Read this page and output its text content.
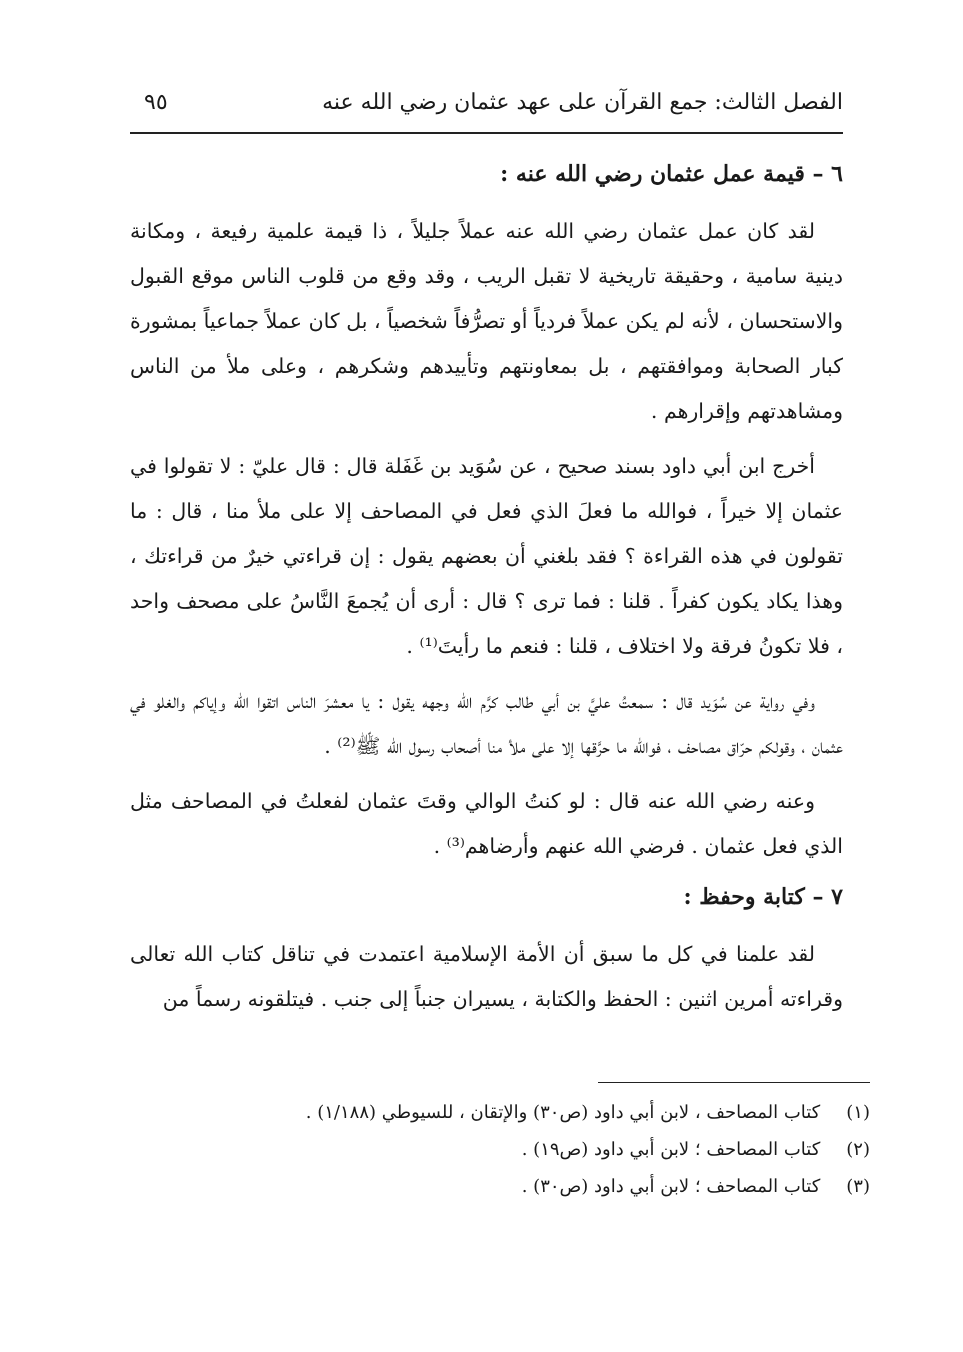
الفصل الثالث: جمع القرآن على عهد عثمان رضي الله عنه
٩٥

٦ – قيمة عمل عثمان رضي الله عنه :

لقد كان عمل عثمان رضي الله عنه عملاً جليلاً ، ذا قيمة علمية رفيعة ، ومكانة دينية سامية ، وحقيقة تاريخية لا تقبل الريب ، وقد وقع من قلوب الناس موقع القبول والاستحسان ، لأنه لم يكن عملاً فردياً أو تصرُّفاً شخصياً ، بل كان عملاً جماعياً بمشورة كبار الصحابة وموافقتهم ، بل بمعاونتهم وتأييدهم وشكرهم ، وعلى ملأ من الناس ومشاهدتهم وإقرارهم .

أخرج ابن أبي داود بسند صحيح ، عن سُوَيد بن غَفَلة قال : قال عليّ : لا تقولوا في عثمان إلا خيراً ، فوالله ما فعلَ الذي فعل في المصاحف إلا على ملأ منا ، قال : ما تقولون في هذه القراءة ؟ فقد بلغني أن بعضهم يقول : إن قراءتي خيرٌ من قراءتك ، وهذا يكاد يكون كفراً . قلنا : فما ترى ؟ قال : أرى أن يُجمعَ النَّاسُ على مصحف واحد ، فلا تكونُ فرقة ولا اختلاف ، قلنا : فنعم ما رأيتَ⁽¹⁾ .

وفي رواية عن سُوَيد قال : سمعتُ عليَّ بن أبي طالب كرَّم الله وجهه يقول : يا معشرَ الناس اتقوا الله وإياكم والغلو في عثمان ، وقولكم حرّاق مصاحف ، فوالله ما حرَّقها إلا على ملأ منا أصحاب رسول الله ﷺ⁽²⁾ .

وعنه رضي الله عنه قال : لو كنتُ الوالي وقتَ عثمان لفعلتُ في المصاحف مثل الذي فعل عثمان . فرضي الله عنهم وأرضاهم⁽³⁾ .

٧ – كتابة وحفظ :

لقد علمنا في كل ما سبق أن الأمة الإسلامية اعتمدت في تناقل كتاب الله تعالى وقراءته أمرين اثنين : الحفظ والكتابة ، يسيران جنباً إلى جنب . فيتلقونه رسماً من

(١) كتاب المصاحف ، لابن أبي داود (ص٣٠) والإتقان ، للسيوطي (١/١٨٨) .

(٢) كتاب المصاحف ؛ لابن أبي داود (ص١٩) .

(٣) كتاب المصاحف ؛ لابن أبي داود (ص٣٠) .
